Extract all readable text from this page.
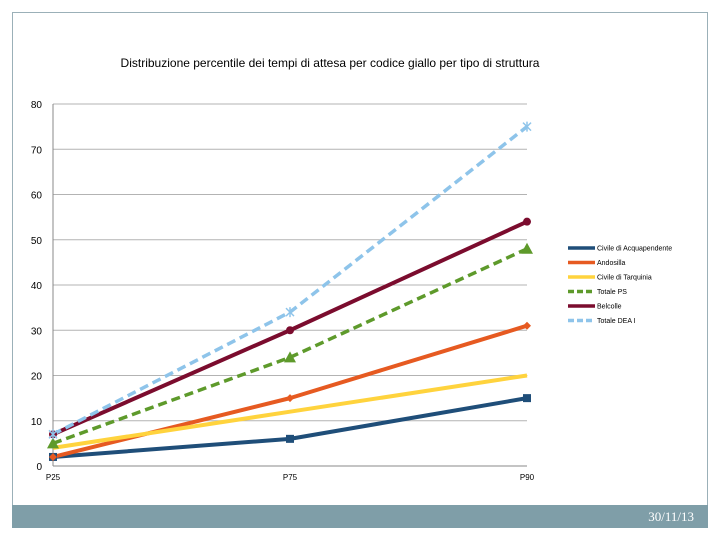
30/11/13
Distribuzione percentile dei tempi di attesa per codice giallo per tipo di struttura
0
10
20
30
40
50
60
70
80
P25	P75	P90
Civile di Acquapendente
Andosilla
Civile di Tarquinia
Totale PS
Belcolle
Totale DEA I
